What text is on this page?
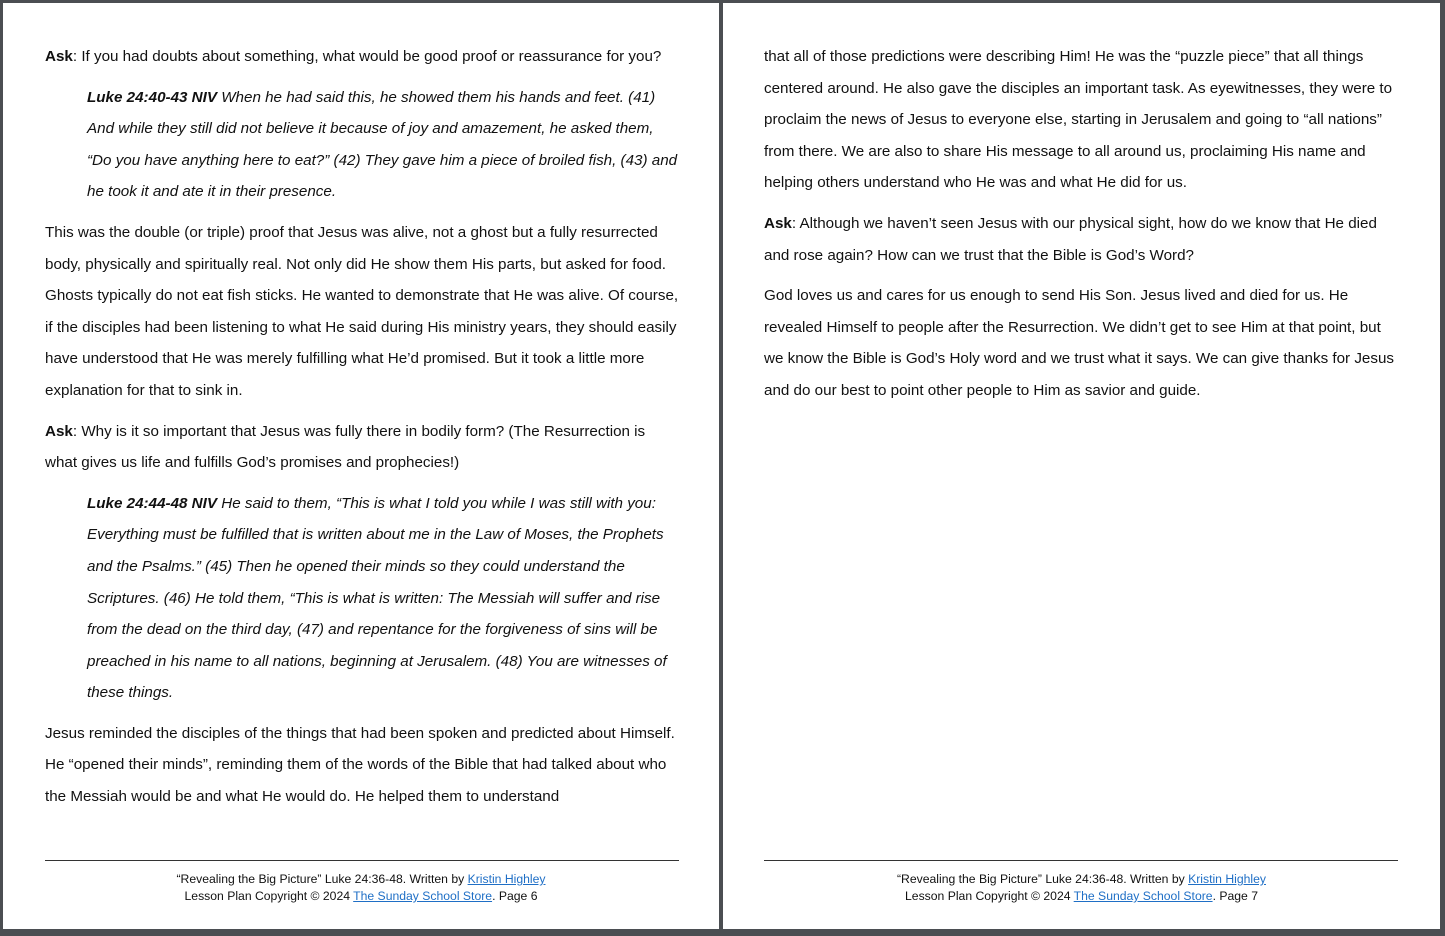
Ask: If you had doubts about something, what would be good proof or reassurance for you?

Luke 24:40-43 NIV When he had said this, he showed them his hands and feet. (41) And while they still did not believe it because of joy and amazement, he asked them, “Do you have anything here to eat?” (42) They gave him a piece of broiled fish, (43) and he took it and ate it in their presence.

This was the double (or triple) proof that Jesus was alive, not a ghost but a fully resurrected body, physically and spiritually real. Not only did He show them His parts, but asked for food. Ghosts typically do not eat fish sticks. He wanted to demonstrate that He was alive. Of course, if the disciples had been listening to what He said during His ministry years, they should easily have understood that He was merely fulfilling what He’d promised. But it took a little more explanation for that to sink in.

Ask: Why is it so important that Jesus was fully there in bodily form? (The Resurrection is what gives us life and fulfills God’s promises and prophecies!)

Luke 24:44-48 NIV He said to them, “This is what I told you while I was still with you: Everything must be fulfilled that is written about me in the Law of Moses, the Prophets and the Psalms.” (45) Then he opened their minds so they could understand the Scriptures. (46) He told them, “This is what is written: The Messiah will suffer and rise from the dead on the third day, (47) and repentance for the forgiveness of sins will be preached in his name to all nations, beginning at Jerusalem. (48) You are witnesses of these things.

Jesus reminded the disciples of the things that had been spoken and predicted about Himself. He “opened their minds”, reminding them of the words of the Bible that had talked about who the Messiah would be and what He would do. He helped them to understand

“Revealing the Big Picture” Luke 24:36-48. Written by Kristin Highley
Lesson Plan Copyright © 2024 The Sunday School Store. Page 6

that all of those predictions were describing Him! He was the “puzzle piece” that all things centered around. He also gave the disciples an important task. As eyewitnesses, they were to proclaim the news of Jesus to everyone else, starting in Jerusalem and going to “all nations” from there. We are also to share His message to all around us, proclaiming His name and helping others understand who He was and what He did for us.

Ask: Although we haven’t seen Jesus with our physical sight, how do we know that He died and rose again? How can we trust that the Bible is God’s Word?

God loves us and cares for us enough to send His Son. Jesus lived and died for us. He revealed Himself to people after the Resurrection. We didn’t get to see Him at that point, but we know the Bible is God’s Holy word and we trust what it says. We can give thanks for Jesus and do our best to point other people to Him as savior and guide.

“Revealing the Big Picture” Luke 24:36-48. Written by Kristin Highley
Lesson Plan Copyright © 2024 The Sunday School Store. Page 7
